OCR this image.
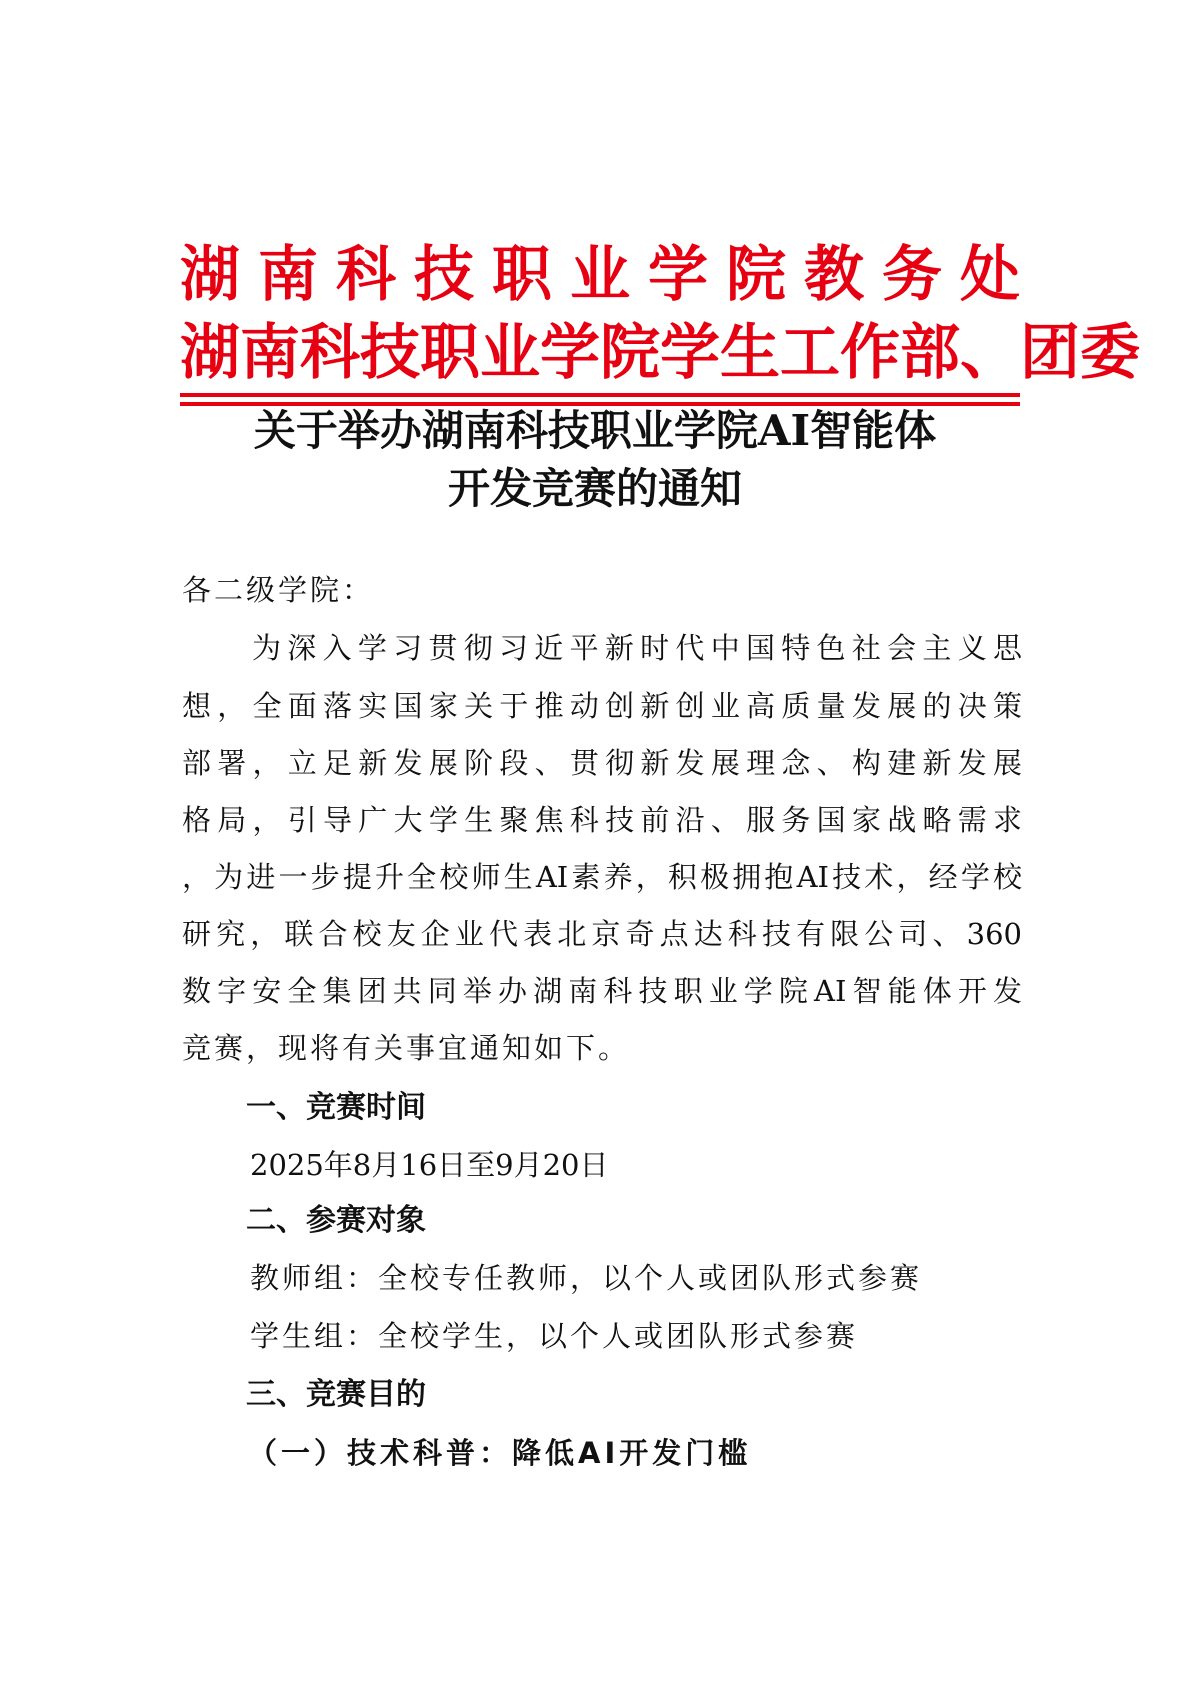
湖南科技职业学院教务处
湖南科技职业学院学生工作部、团委
关于举办湖南科技职业学院AI智能体
开发竞赛的通知

各二级学院：

为深入学习贯彻习近平新时代中国特色社会主义思

想，全面落实国家关于推动创新创业高质量发展的决策

部署，立足新发展阶段、贯彻新发展理念、构建新发展

格局，引导广大学生聚焦科技前沿、服务国家战略需求

，为进一步提升全校师生AI素养，积极拥抱AI技术，经学校

研究，联合校友企业代表北京奇点达科技有限公司、360

数字安全集团共同举办湖南科技职业学院AI智能体开发

竞赛，现将有关事宜通知如下。

一、竞赛时间

2025年8月16日至9月20日

二、参赛对象

教师组：全校专任教师，以个人或团队形式参赛

学生组：全校学生，以个人或团队形式参赛

三、竞赛目的
（一）技术科普：降低AI开发门槛
